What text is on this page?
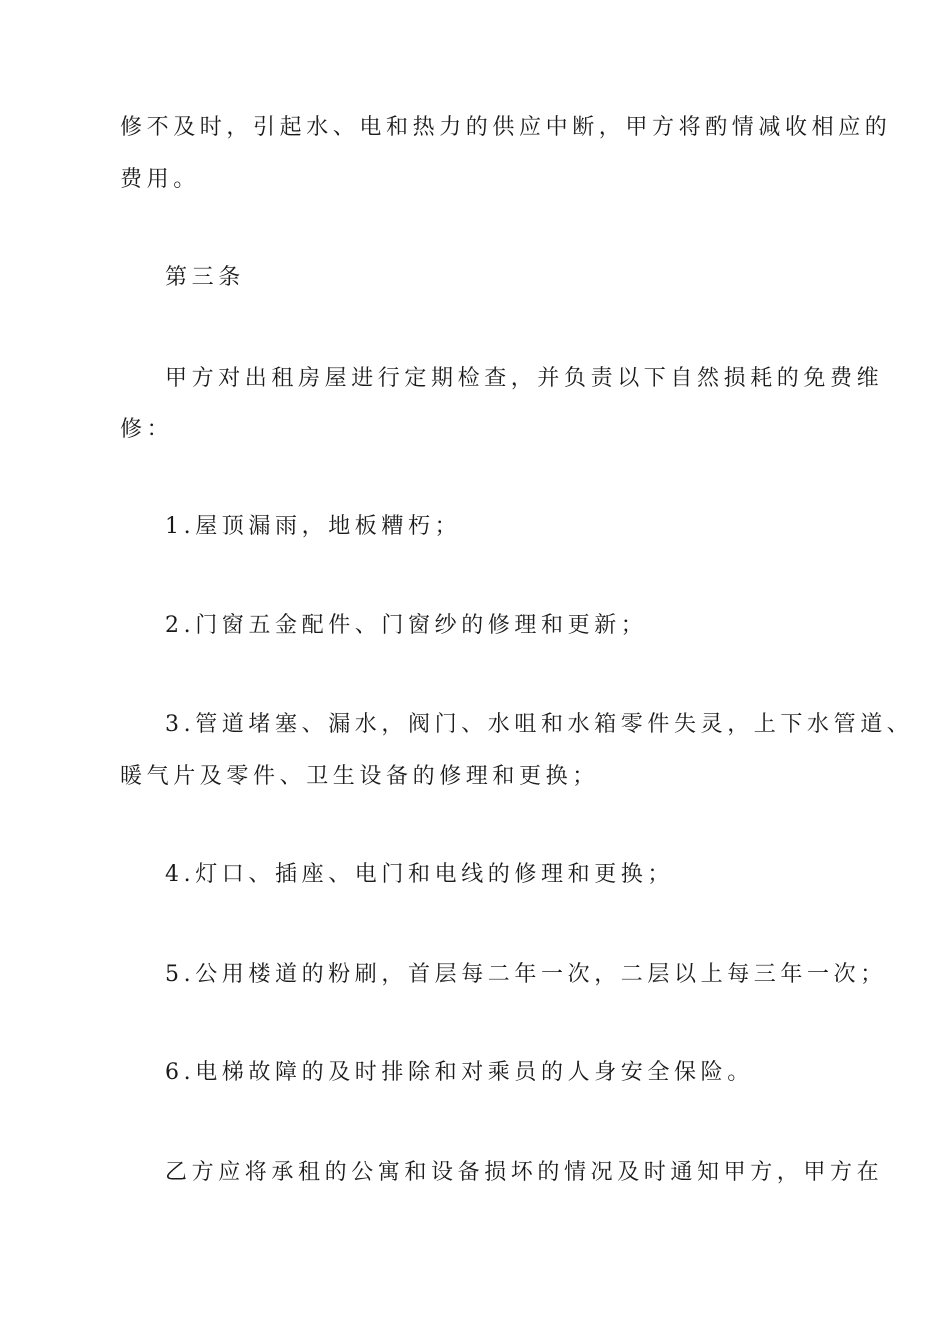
修不及时，引起水、电和热力的供应中断，甲方将酌情减收相应的
费用。
第三条
甲方对出租房屋进行定期检查，并负责以下自然损耗的免费维
修：
1.屋顶漏雨，地板糟朽；
2.门窗五金配件、门窗纱的修理和更新；
3.管道堵塞、漏水，阀门、水咀和水箱零件失灵，上下水管道、
暖气片及零件、卫生设备的修理和更换；
4.灯口、插座、电门和电线的修理和更换；
5.公用楼道的粉刷，首层每二年一次，二层以上每三年一次；
6.电梯故障的及时排除和对乘员的人身安全保险。
乙方应将承租的公寓和设备损坏的情况及时通知甲方，甲方在
